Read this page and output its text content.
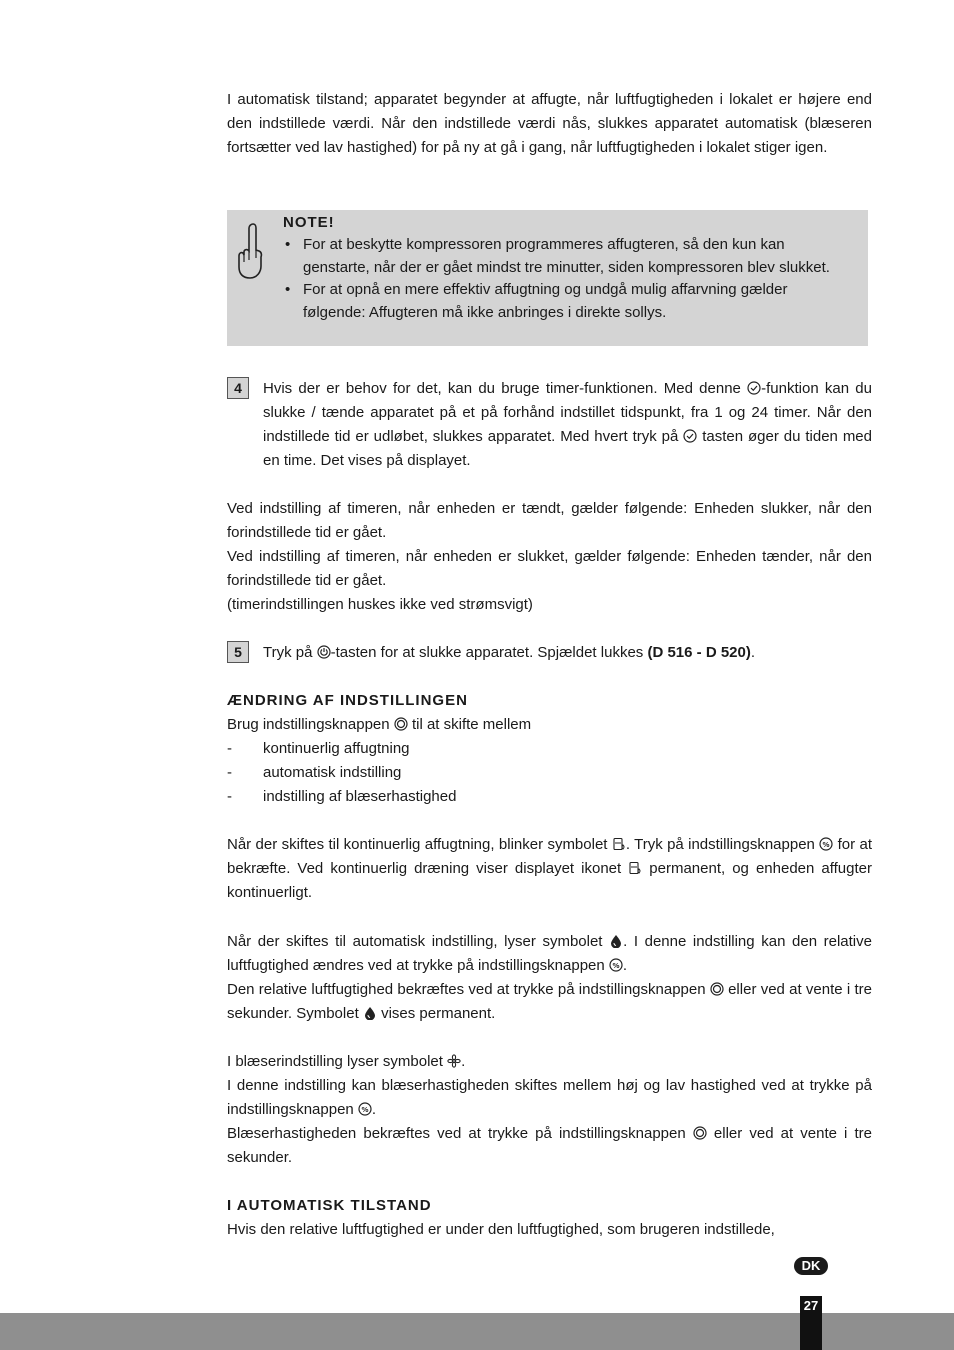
I automatisk tilstand; apparatet begynder at affugte, når luftfugtigheden i lokalet er højere end den indstillede værdi. Når den indstillede værdi nås, slukkes apparatet automatisk (blæseren fortsætter ved lav hastighed) for på ny at gå i gang, når luftfugtigheden i lokalet stiger igen.

NOTE!
• For at beskytte kompressoren programmeres affugteren, så den kun kan genstarte, når der er gået mindst tre minutter, siden kompressoren blev slukket.
• For at opnå en mere effektiv affugtning og undgå mulig affarvning gælder følgende: Affugteren må ikke anbringes i direkte sollys.
4	Hvis der er behov for det, kan du bruge timer-funktionen. Med denne
-funktion kan du slukke / tænde apparatet på et på forhånd indstillet tidspunkt, fra 1 og 24 timer. Når den indstillede tid er udløbet, slukkes apparatet. Med hvert tryk på
tasten øger du tiden med en time. Det vises på displayet.

Ved indstilling af timeren, når enheden er tændt, gælder følgende: Enheden slukker, når den forindstillede tid er gået.

Ved indstilling af timeren, når enheden er slukket, gælder følgende: Enheden tænder, når den forindstillede tid er gået.

(timerindstillingen huskes ikke ved strømsvigt)

5	Tryk på
-tasten for at slukke apparatet. Spjældet lukkes (D 516 - D 520).

ÆNDRING AF INDSTILLINGEN

Brug indstillingsknappen
til at skifte mellem

- kontinuerlig affugtning

- automatisk indstilling

- indstilling af blæserhastighed

Når der skiftes til kontinuerlig affugtning, blinker symbolet
. Tryk på indstillingsknappen % for at bekræfte. Ved kontinuerlig dræning viser displayet ikonet
permanent, og enheden affugter kontinuerligt.

Når der skiftes til automatisk indstilling, lyser symbolet
. I denne indstilling kan den relative luftfugtighed ændres ved at trykke på indstillingsknappen % .

Den relative luftfugtighed bekræftes ved at trykke på indstillingsknappen
eller ved at vente i tre sekunder. Symbolet
vises permanent.

I blæserindstilling lyser symbolet
.

I denne indstilling kan blæserhastigheden skiftes mellem høj og lav hastighed ved at trykke på indstillingsknappen % .

Blæserhastigheden bekræftes ved at trykke på indstillingsknappen
eller ved at vente i tre sekunder.

I AUTOMATISK TILSTAND

Hvis den relative luftfugtighed er under den luftfugtighed, som brugeren indstillede,

DK
27
